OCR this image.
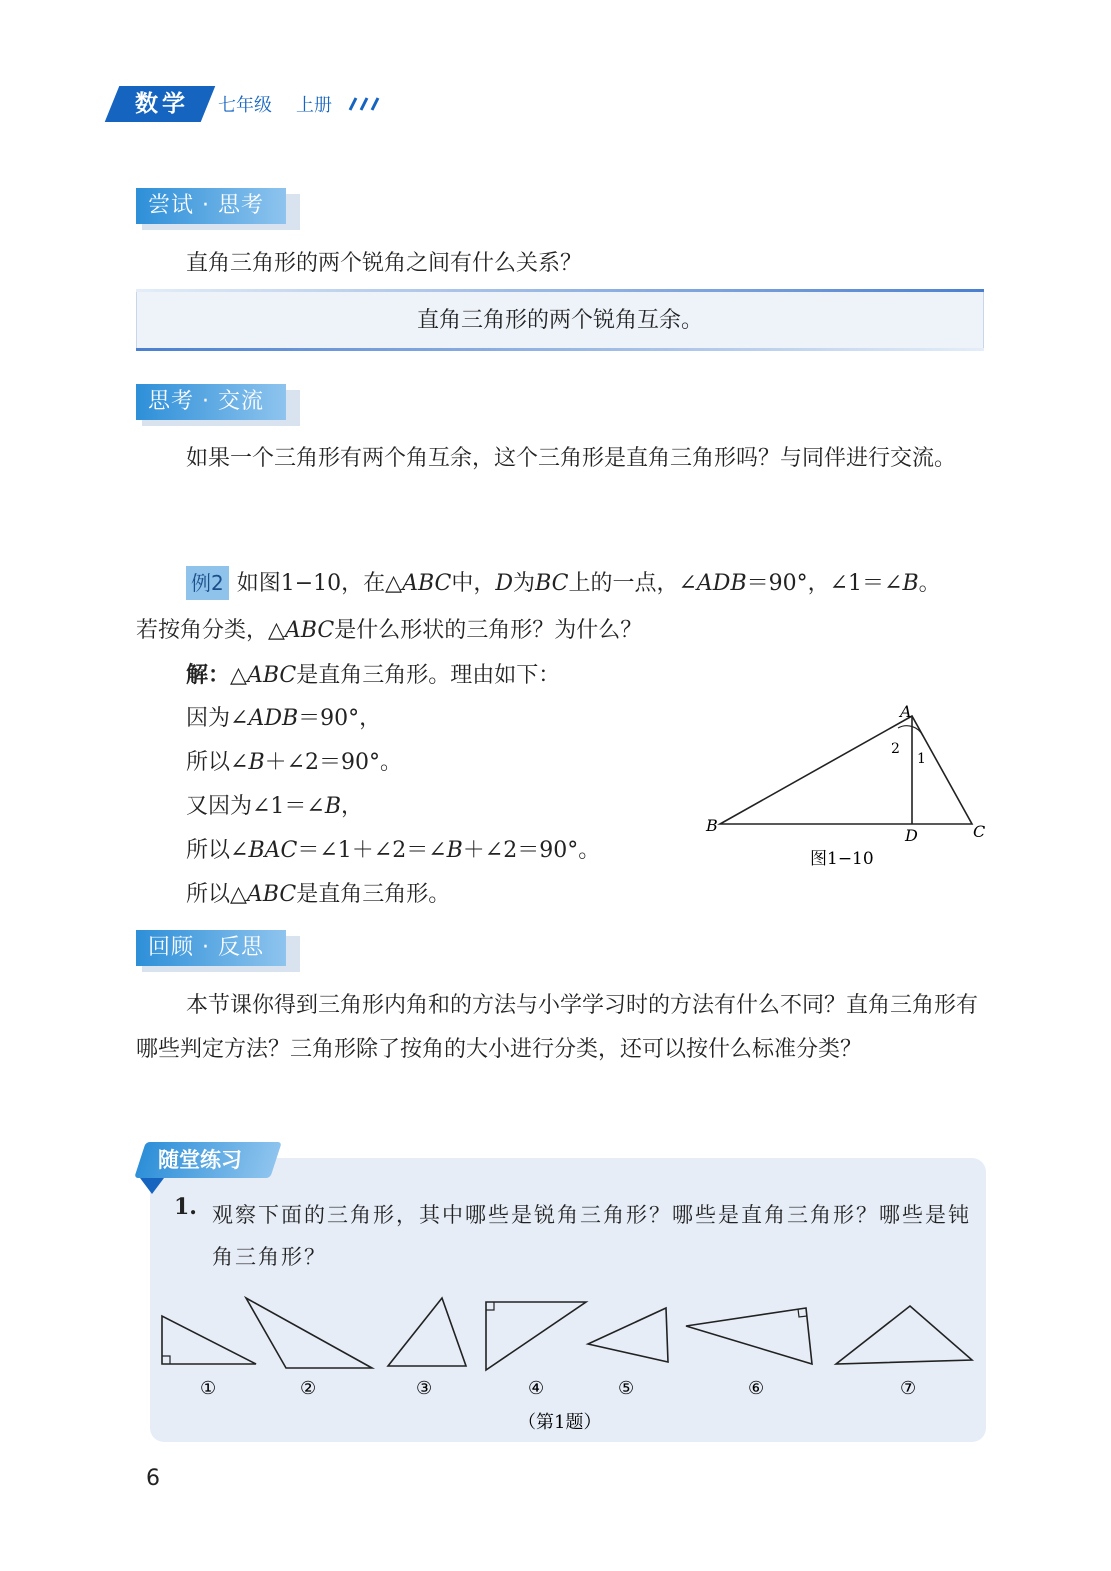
数学	七年级 上册
尝试 · 思考
直角三角形的两个锐角之间有什么关系？
直角三角形的两个锐角互余。
思考 · 交流
如果一个三角形有两个角互余，这个三角形是直角三角形吗？与同伴进行交流。
例2 如图1−10，在△ABC中，D为BC上的一点，∠ADB＝90°，∠1＝∠B。
若按角分类，△ABC是什么形状的三角形？为什么？
解：△ABC是直角三角形。理由如下：
因为∠ADB＝90°，
所以∠B＋∠2＝90°。
又因为∠1＝∠B，
所以∠BAC＝∠1＋∠2＝∠B＋∠2＝90°。
所以△ABC是直角三角形。
A
B	C
D
1
2
图1−10
回顾 · 反思
本节课你得到三角形内角和的方法与小学学习时的方法有什么不同？直角三角形有哪些判定方法？三角形除了按角的大小进行分类，还可以按什么标准分类？
随堂练习
1. 观察下面的三角形，其中哪些是锐角三角形？哪些是直角三角形？哪些是钝角三角形？
①	②	③	④	⑤	⑥	⑦
（第1题）
6
